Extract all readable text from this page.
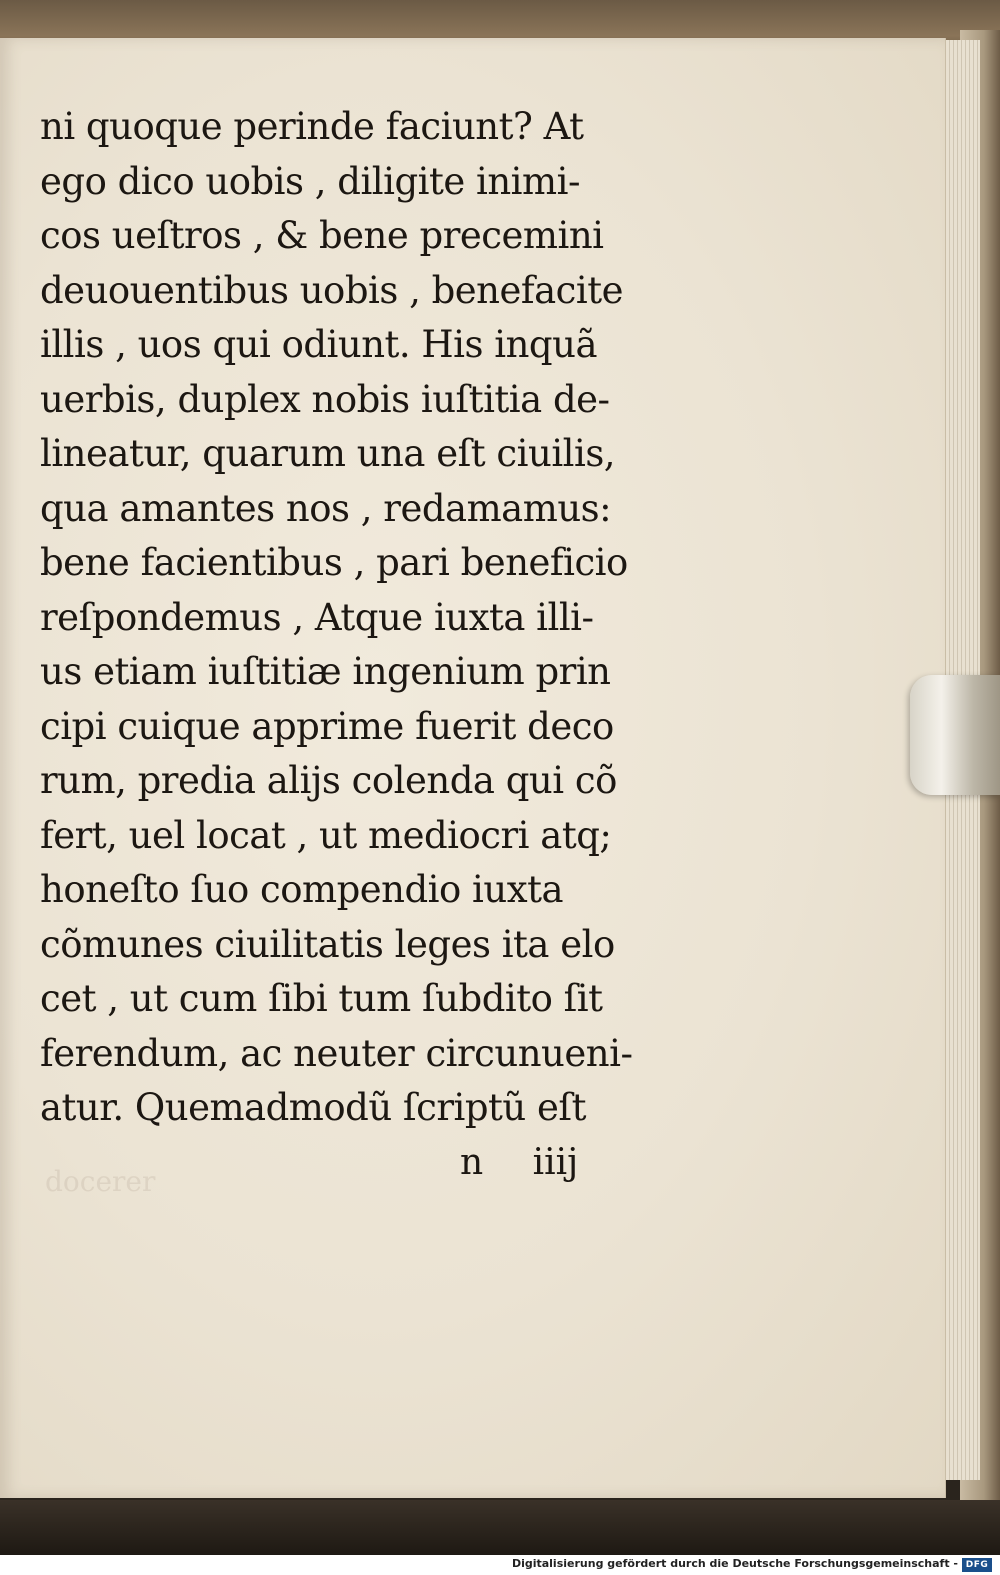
docerer
ni quoque perinde faciunt? At
ego dico uobis , diligite inimi-
cos ueſtros , & bene precemini
deuouentibus uobis , benefacite
illis , uos qui odiunt. His inquã
uerbis, duplex nobis iuſtitia de-
lineatur, quarum una eſt ciuilis,
qua amantes nos , redamamus:
bene facientibus , pari beneficio
reſpondemus , Atque iuxta illi-
us etiam iuſtitiæ ingenium prin
cipi cuique apprime fuerit deco
rum, predia alijs colenda qui cõ
fert, uel locat , ut mediocri atq;
honeſto ſuo compendio iuxta
cõmunes ciuilitatis leges ita elo
cet , ut cum ſibi tum ſubdito ſit
ferendum, ac neuter circunueni-
atur. Quemadmodũ ſcriptũ eſt
n iiij
Digitalisierung gefördert durch die Deutsche Forschungsgemeinschaft - DFG
